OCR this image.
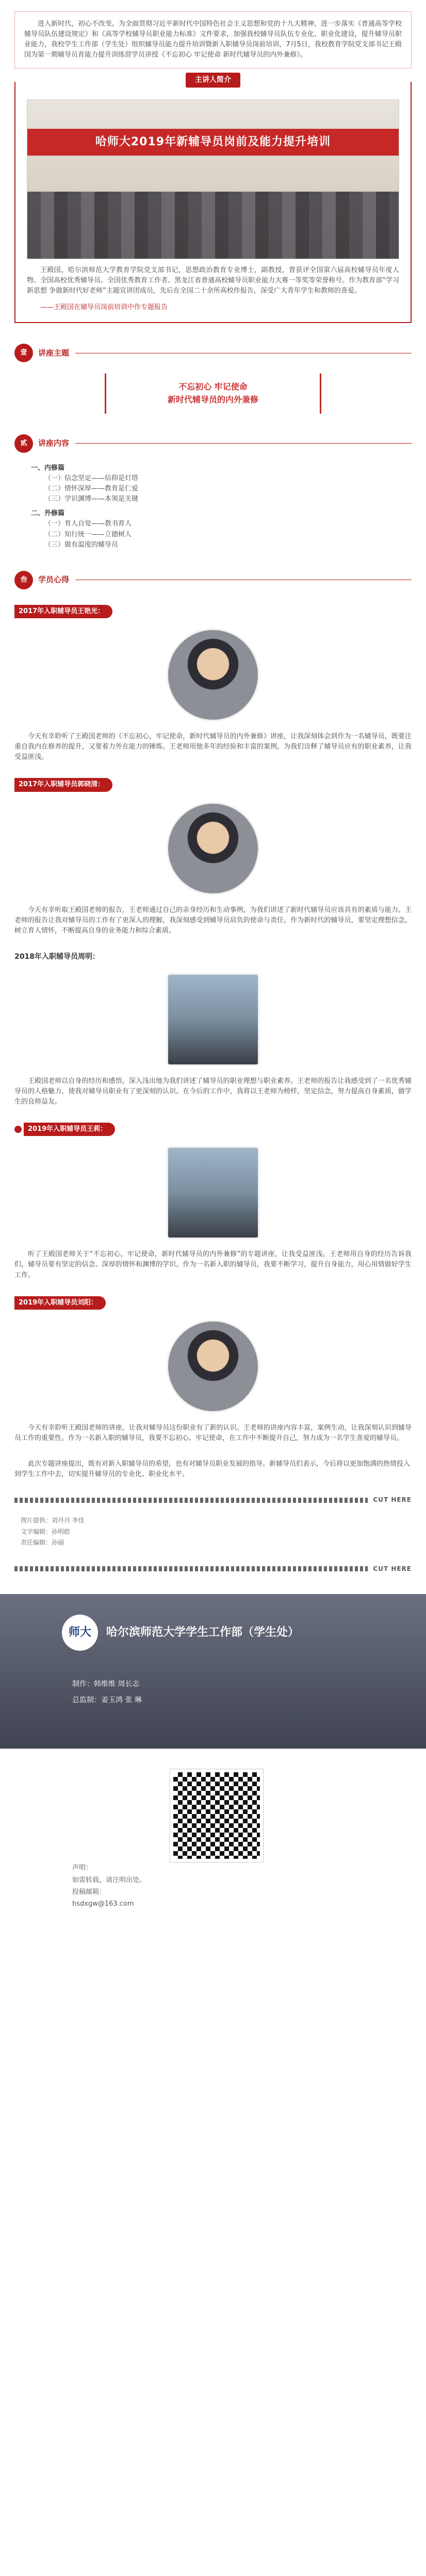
进入新时代，初心不改变。为全面贯彻习近平新时代中国特色社会主义思想和党的十九大精神，进一步落实《普通高等学校辅导员队伍建设规定》和《高等学校辅导员职业能力标准》文件要求，加强我校辅导员队伍专业化、职业化建设，提升辅导员职业能力，我校学生工作部（学生处）组织辅导员能力提升培训暨新入职辅导员岗前培训，7月5日，我校教育学院党支部书记王殿国为第一期辅导员育能力提升训练营学员讲授《不忘初心 牢记使命 新时代辅导员的内外兼修》。

主讲人简介
哈师大2019年新辅导员岗前及能力提升培训

王殿国，哈尔滨师范大学教育学院党支部书记，思想政治教育专业博士，副教授，曾获评全国第六届高校辅导员年度人物、全国高校优秀辅导员、全国优秀教育工作者、黑龙江省普通高校辅导员职业能力大赛一等奖等荣誉称号。作为教育部“学习新思想 争做新时代好老师”主题宣讲团成员，先后在全国二十余所高校作报告，深受广大青年学生和教师的喜爱。

——王殿国在辅导员岗前培训中作专题报告

壹	讲座主题
不忘初心 牢记使命
新时代辅导员的内外兼修
贰	讲座内容
一、内修篇
（一）信念坚定——信仰是灯塔
（二）情怀深厚——教育是仁爱
（三）学识渊博——本领是关键
二、外修篇
（一）育人自觉——教书育人
（二）知行统一——立德树人
（三）做有温度的辅导员
叁	学员心得
2017年入职辅导员王艳光：

今天有幸聆听了王殿国老师的《不忘初心，牢记使命，新时代辅导员的内外兼修》讲座，让我深刻体会到作为一名辅导员，既要注重自我内在修养的提升，又要着力外在能力的锤炼。王老师用他多年的经验和丰富的案例，为我们诠释了辅导员应有的职业素养，让我受益匪浅。

2017年入职辅导员郭晓清：

今天有幸听取王殿国老师的报告，王老师通过自己的亲身经历和生动事例，为我们讲述了新时代辅导员应该具有的素质与能力。王老师的报告让我对辅导员的工作有了更深入的理解，我深刻感受到辅导员肩负的使命与责任。作为新时代的辅导员，要坚定理想信念，树立育人情怀，不断提高自身的业务能力和综合素质。

2018年入职辅导员周明：

王殿国老师以自身的经历和感悟，深入浅出地为我们讲述了辅导员的职业理想与职业素养。王老师的报告让我感受到了一名优秀辅导员的人格魅力，使我对辅导员职业有了更深刻的认识。在今后的工作中，我将以王老师为榜样，坚定信念，努力提高自身素质，做学生的良师益友。

2019年入职辅导员王莉：

听了王殿国老师关于“不忘初心，牢记使命，新时代辅导员的内外兼修”的专题讲座，让我受益匪浅。王老师用自身的经历告诉我们，辅导员要有坚定的信念、深厚的情怀和渊博的学识。作为一名新入职的辅导员，我要不断学习，提升自身能力，用心用情做好学生工作。

2019年入职辅导员刘阳：

今天有幸聆听王殿国老师的讲座，让我对辅导员这份职业有了新的认识。王老师的讲座内容丰富，案例生动，让我深刻认识到辅导员工作的重要性。作为一名新入职的辅导员，我要不忘初心、牢记使命，在工作中不断提升自己，努力成为一名学生喜爱的辅导员。

此次专题讲座提出，既有对新入职辅导员的希望，也有对辅导员职业发展的指导。新辅导员们表示，今后将以更加饱满的热情投入到学生工作中去，切实提升辅导员的专业化、职业化水平。

CUT HERE
图片提供：刘丹丹 李佳
文字编辑：孙明皓
责任编辑：孙丽
CUT HERE
师大	哈尔滨师范大学学生工作部（学生处）
制作：韩维维 周长志
总监制：姜玉鸿 张 琳
声明：
如需转载，请注明出处。
投稿邮箱：
hsdxgw@163.com
